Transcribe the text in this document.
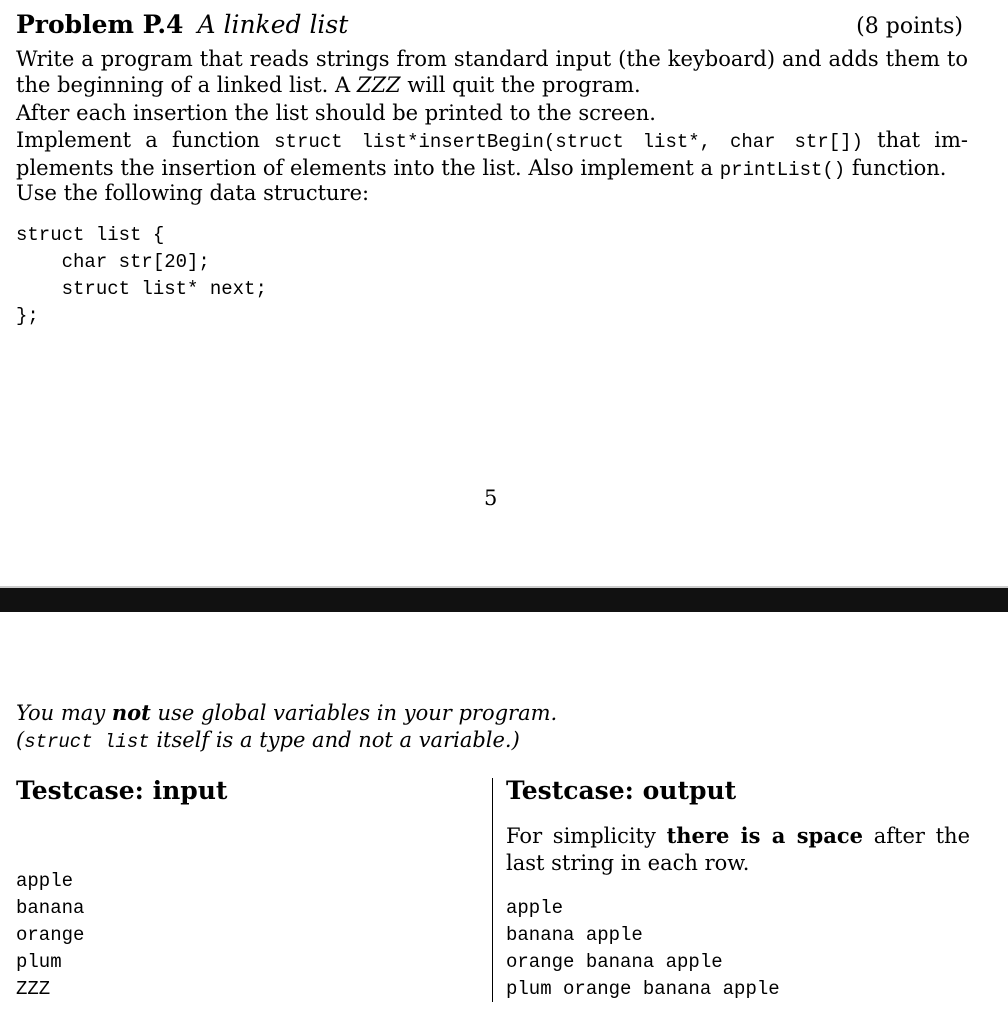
Problem P.4 A linked list	(8 points)
Write a program that reads strings from standard input (the keyboard) and adds them to the beginning of a linked list. A ZZZ will quit the program.
After each insertion the list should be printed to the screen.
Implement a function struct list*insertBegin(struct list*, char str[]) that im-plements the insertion of elements into the list. Also implement a printList() function.
Use the following data structure:
struct list {
char str[20];
struct list* next;
};
5
You may not use global variables in your program.
(struct list itself is a type and not a variable.)
Testcase: input	Testcase: output
apple
banana
orange
plum
ZZZ
For simplicity there is a space after the last string in each row.
apple
banana apple
orange banana apple
plum orange banana apple
